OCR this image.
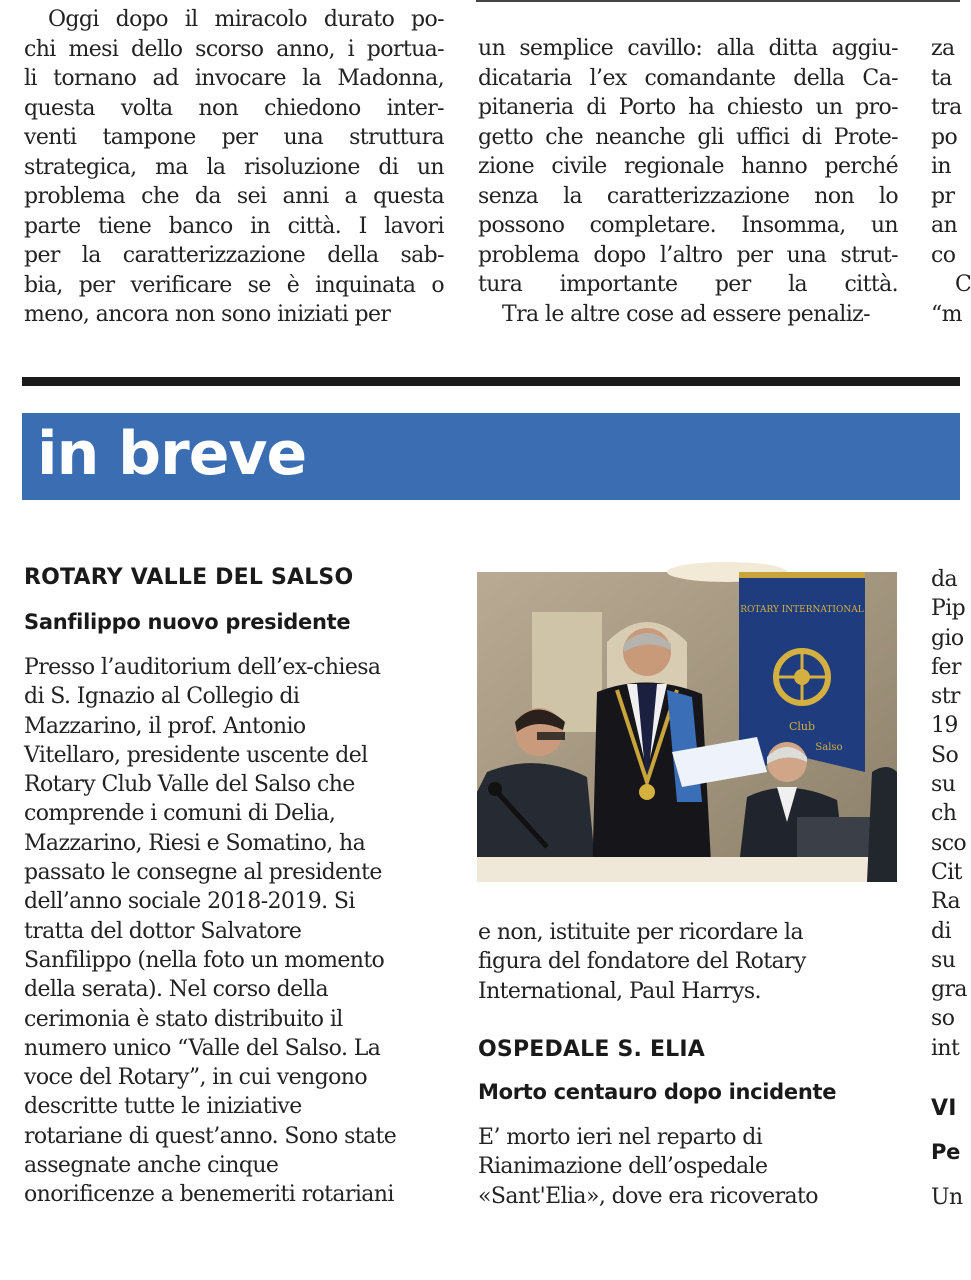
Oggi dopo il miracolo durato po-
chi mesi dello scorso anno, i portua-
li tornano ad invocare la Madonna,
questa volta non chiedono inter-
venti tampone per una struttura
strategica, ma la risoluzione di un
problema che da sei anni a questa
parte tiene banco in città. I lavori
per la caratterizzazione della sab-
bia, per verificare se è inquinata o
meno, ancora non sono iniziati per
un semplice cavillo: alla ditta aggiu-
dicataria l’ex comandante della Ca-
pitaneria di Porto ha chiesto un pro-
getto che neanche gli uffici di Prote-
zione civile regionale hanno perché
senza la caratterizzazione non lo
possono completare. Insomma, un
problema dopo l’altro per una strut-
tura importante per la città.
Tra le altre cose ad essere penaliz-
za
ta
tra
po
in
pr
an
co
C
“m
in breve
ROTARY VALLE DEL SALSO
Sanfilippo nuovo presidente
Presso l’auditorium dell’ex-chiesa
di S. Ignazio al Collegio di
Mazzarino, il prof. Antonio
Vitellaro, presidente uscente del
Rotary Club Valle del Salso che
comprende i comuni di Delia,
Mazzarino, Riesi e Somatino, ha
passato le consegne al presidente
dell’anno sociale 2018-2019. Si
tratta del dottor Salvatore
Sanfilippo (nella foto un momento
della serata). Nel corso della
cerimonia è stato distribuito il
numero unico “Valle del Salso. La
voce del Rotary”, in cui vengono
descritte tutte le iniziative
rotariane di quest’anno. Sono state
assegnate anche cinque
onorificenze a benemeriti rotariani
ROTARY INTERNATIONAL
Club
Salso
e non, istituite per ricordare la
figura del fondatore del Rotary
International, Paul Harrys.
OSPEDALE S. ELIA
Morto centauro dopo incidente
E’ morto ieri nel reparto di
Rianimazione dell’ospedale
«Sant'Elia», dove era ricoverato
da
Pip
gio
fer
str
19
So
su
ch
sco
Cit
Ra
di
su
gra
so
int
VI
Pe
Un
